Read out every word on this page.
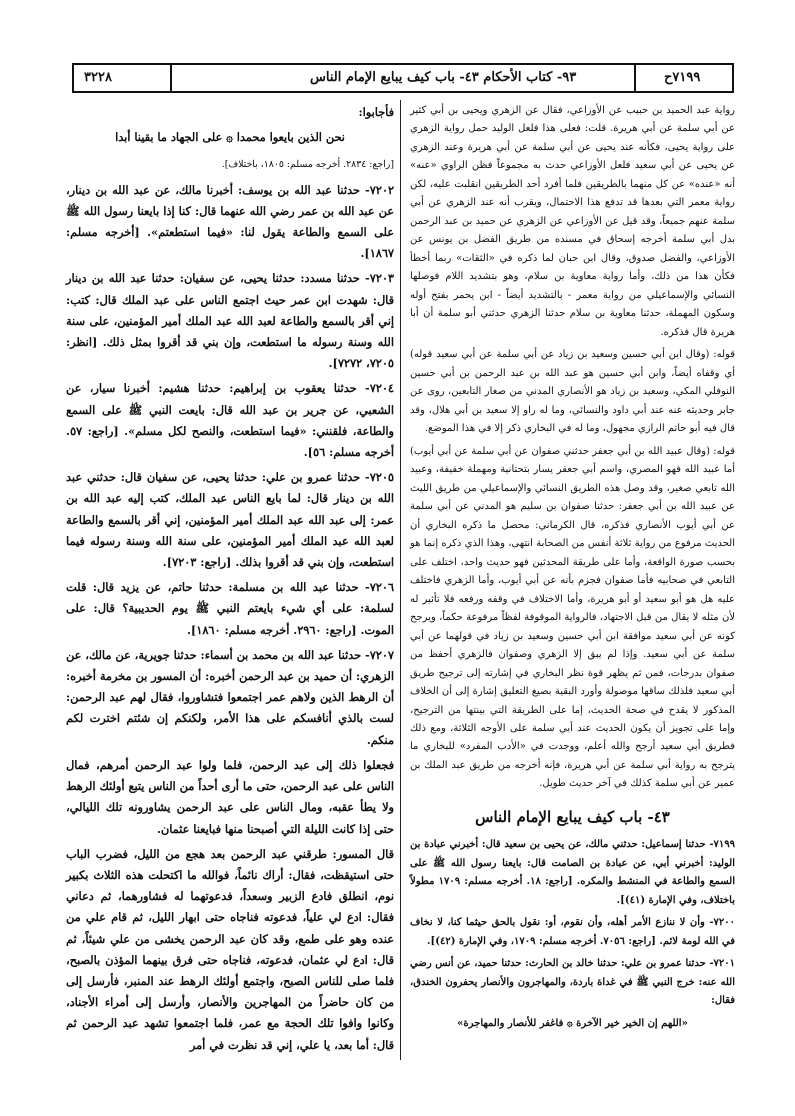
٣٢٢٨	٩٣- كتاب الأحكام ٤٣- باب كيف يبايع الإمام الناس	٧١٩٩ح

رواية عبد الحميد بن حبيب عن الأوزاعي، فقال عن الزهري ويحيى بن أبي كثير عن أبي سلمة عن أبي هريرة. قلت: فعلى هذا فلعل الوليد حمل رواية الزهري على رواية يحيى، فكأنه عند يحيى عن أبي سلمة عن أبي هريرة وعند الزهري عن يحيى عن أبي سعيد فلعل الأوزاعي حدث به مجموعاً فظن الراوي «عنه» أنه «عنده» عن كل منهما بالطريقين فلما أفرد أحد الطريقين انقلبت عليه، لكن رواية معمر التي بعدها قد تدفع هذا الاحتمال، ويقرب أنه عند الزهري عن أبي سلمة عنهم جميعاً، وقد قيل عن الأوزاعي عن الزهري عن حميد بن عبد الرحمن بدل أبي سلمة أخرجه إسحاق في مسنده من طريق الفضل بن يونس عن الأوزاعي، والفضل صدوق، وقال ابن حبان لما ذكره في «الثقات» ربما أخطأ فكأن هذا من ذلك، وأما رواية معاوية بن سلام، وهو بتشديد اللام فوصلها النسائي والإسماعيلي من رواية معمر - بالتشديد أيضاً - ابن يحمر بفتح أوله وسكون المهملة، حدثنا معاوية بن سلام حدثنا الزهري حدثني أبو سلمة أن أبا هريرة قال فذكره.

قوله: (وقال ابن أبي حسين وسعيد بن زياد عن أبي سلمة عن أبي سعيد قوله) أي وقفاه أيضاً، وابن أبي حسين هو عبد الله بن عبد الرحمن بن أبي حسين النوفلي المكي، وسعيد بن زياد هو الأنصاري المدني من صغار التابعين، روى عن جابر وحديثه عنه عند أبي داود والنسائي، وما له راو إلا سعيد بن أبي هلال، وقد قال فيه أبو حاتم الرازي مجهول، وما له في البخاري ذكر إلا في هذا الموضع.

قوله: (وقال عبيد الله بن أبي جعفر حدثني صفوان عن أبي سلمة عن أبي أيوب) أما عبيد الله فهو المصري، واسم أبي جعفر يسار بتحتانية ومهملة خفيفة، وعبيد الله تابعي صغير، وقد وصل هذه الطريق النسائي والإسماعيلي من طريق الليث عن عبيد الله بن أبي جعفر: حدثنا صفوان بن سليم هو المدني عن أبي سلمة عن أبي أيوب الأنصاري فذكره، قال الكرماني: محصل ما ذكره البخاري أن الحديث مرفوع من رواية ثلاثة أنفس من الصحابة انتهى، وهذا الذي ذكره إنما هو بحسب صورة الواقعة، وأما على طريقة المحدثين فهو حديث واحد، اختلف على التابعي في صحابيه فأما صفوان فجزم بأنه عن أبي أيوب، وأما الزهري فاختلف عليه هل هو أبو سعيد أو أبو هريرة، وأما الاختلاف في وقفه ورفعه فلا تأثير له لأن مثله لا يقال من قبل الاجتهاد، فالرواية الموقوفة لفظاً مرفوعة حكماً، ويرجح كونه عن أبي سعيد موافقة ابن أبي حسين وسعيد بن زياد في قولهما عن أبي سلمة عن أبي سعيد. وإذا لم يبق إلا الزهري وصفوان فالزهري أحفظ من صفوان بدرجات، فمن ثم يظهر قوة نظر البخاري في إشارته إلى ترجيح طريق أبي سعيد فلذلك ساقها موصولة وأورد البقية بصيغ التعليق إشارة إلى أن الخلاف المذكور لا يقدح في صحة الحديث، إما على الطريقة التي بينتها من الترجيح، وإما على تجويز أن يكون الحديث عند أبي سلمة على الأوجه الثلاثة، ومع ذلك فطريق أبي سعيد أرجح والله أعلم، ووجدت في «الأدب المفرد» للبخاري ما يترجح به رواية أبي سلمة عن أبي هريرة، فإنه أخرجه من طريق عبد الملك بن عمير عن أبي سلمة كذلك في آخر حديث طويل.

٤٣- باب كيف يبايع الإمام الناس

٧١٩٩- حدثنا إسماعيل: حدثني مالك، عن يحيى بن سعيد قال: أخبرني عبادة بن الوليد: أخبرني أبي، عن عبادة بن الصامت قال: بايعنا رسول الله ﷺ على السمع والطاعة في المنشط والمكره. [راجع: ١٨. أخرجه مسلم: ١٧٠٩ مطولاً باختلاف، وفي الإمارة (٤١)].

٧٢٠٠- وأن لا ننازع الأمر أهله، وأن نقوم، أو: نقول بالحق حيثما كنا، لا نخاف في الله لومة لائم. [راجع: ٧٠٥٦. أخرجه مسلم: ١٧٠٩، وفي الإمارة (٤٢)].

٧٢٠١- حدثنا عمرو بن علي: حدثنا خالد بن الحارث: حدثنا حميد، عن أنس رضي الله عنه: خرج النبي ﷺ في غداة باردة، والمهاجرون والأنصار يحفرون الخندق، فقال:

«اللهم إن الخير خير الآخرة ۞ فاغفر للأنصار والمهاجرة»

فأجابوا:

نحن الذين بايعوا محمدا ۞ على الجهاد ما بقينا أبدا

[راجع: ٢٨٣٤. أخرجه مسلم: ١٨٠٥، باختلاف].

٧٢٠٢- حدثنا عبد الله بن يوسف: أخبرنا مالك، عن عبد الله بن دينار، عن عبد الله بن عمر رضي الله عنهما قال: كنا إذا بايعنا رسول الله ﷺ على السمع والطاعة يقول لنا: «فيما استطعتم». [أخرجه مسلم: ١٨٦٧].

٧٢٠٣- حدثنا مسدد: حدثنا يحيى، عن سفيان: حدثنا عبد الله بن دينار قال: شهدت ابن عمر حيث اجتمع الناس على عبد الملك قال: كتب: إني أقر بالسمع والطاعة لعبد الله عبد الملك أمير المؤمنين، على سنة الله وسنة رسوله ما استطعت، وإن بني قد أقروا بمثل ذلك. [انظر: ٧٢٠٥، ٧٢٧٢].

٧٢٠٤- حدثنا يعقوب بن إبراهيم: حدثنا هشيم: أخبرنا سيار، عن الشعبي، عن جرير بن عبد الله قال: بايعت النبي ﷺ على السمع والطاعة، فلقنني: «فيما استطعت، والنصح لكل مسلم». [راجع: ٥٧. أخرجه مسلم: ٥٦].

٧٢٠٥- حدثنا عمرو بن علي: حدثنا يحيى، عن سفيان قال: حدثني عبد الله بن دينار قال: لما بايع الناس عبد الملك، كتب إليه عبد الله بن عمر: إلى عبد الله عبد الملك أمير المؤمنين، إني أقر بالسمع والطاعة لعبد الله عبد الملك أمير المؤمنين، على سنة الله وسنة رسوله فيما استطعت، وإن بني قد أقروا بذلك. [راجع: ٧٢٠٣].

٧٢٠٦- حدثنا عبد الله بن مسلمة: حدثنا حاتم، عن يزيد قال: قلت لسلمة: على أي شيء بايعتم النبي ﷺ يوم الحديبية؟ قال: على الموت. [راجع: ٢٩٦٠. أخرجه مسلم: ١٨٦٠].

٧٢٠٧- حدثنا عبد الله بن محمد بن أسماء: حدثنا جويرية، عن مالك، عن الزهري: أن حميد بن عبد الرحمن أخبره: أن المسور بن مخرمة أخبره: أن الرهط الذين ولاهم عمر اجتمعوا فتشاوروا، فقال لهم عبد الرحمن: لست بالذي أنافسكم على هذا الأمر، ولكنكم إن شئتم اخترت لكم منكم.

فجعلوا ذلك إلى عبد الرحمن، فلما ولوا عبد الرحمن أمرهم، فمال الناس على عبد الرحمن، حتى ما أرى أحداً من الناس يتبع أولئك الرهط ولا يطأ عقبه، ومال الناس على عبد الرحمن يشاورونه تلك الليالي، حتى إذا كانت الليلة التي أصبحنا منها فبايعنا عثمان.

قال المسور: طرقني عبد الرحمن بعد هجع من الليل، فضرب الباب حتى استيقظت، فقال: أراك نائماً، فوالله ما اكتحلت هذه الثلاث بكبير نوم، انطلق فادع الزبير وسعداً، فدعوتهما له فشاورهما، ثم دعاني فقال: ادع لي علياً، فدعوته فناجاه حتى ابهار الليل، ثم قام علي من عنده وهو على طمع، وقد كان عبد الرحمن يخشى من علي شيئاً، ثم قال: ادع لي عثمان، فدعوته، فناجاه حتى فرق بينهما المؤذن بالصبح، فلما صلى للناس الصبح، واجتمع أولئك الرهط عند المنبر، فأرسل إلى من كان حاضراً من المهاجرين والأنصار، وأرسل إلى أمراء الأجناد، وكانوا وافوا تلك الحجة مع عمر، فلما اجتمعوا تشهد عبد الرحمن ثم قال: أما بعد، يا علي، إني قد نظرت في أمر
